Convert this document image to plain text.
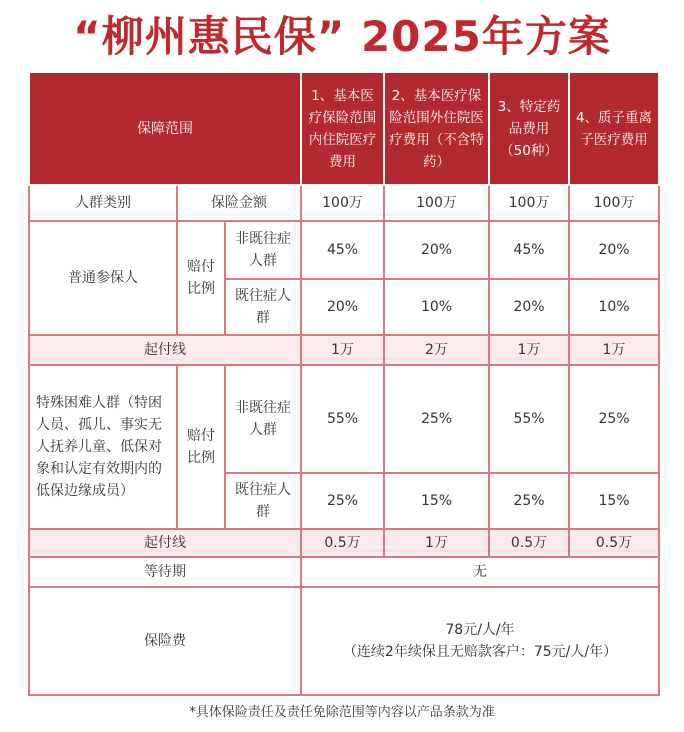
“柳州惠民保” 2025年方案
保障范围			1、基本医疗保险范围内住院医疗费用	2、基本医疗保险范围外住院医疗费用（不含特药）	3、特定药品费用（50种）	4、质子重离子医疗费用
人群类别	保险金额		100万	100万	100万	100万
普通参保人	赔付比例	非既往症人群	45%	20%	45%	20%
		既往症人群	20%	10%	20%	10%
起付线			1万	2万	1万	1万
特殊困难人群（特困人员、孤儿、事实无人抚养儿童、低保对象和认定有效期内的低保边缘成员）	赔付比例	非既往症人群	55%	25%	55%	25%
		既往症人群	25%	15%	25%	15%
起付线			0.5万	1万	0.5万	0.5万
等待期			无			
保险费			78元/人/年
（连续2年续保且无赔款客户：75元/人/年）			
*具体保险责任及责任免除范围等内容以产品条款为准
